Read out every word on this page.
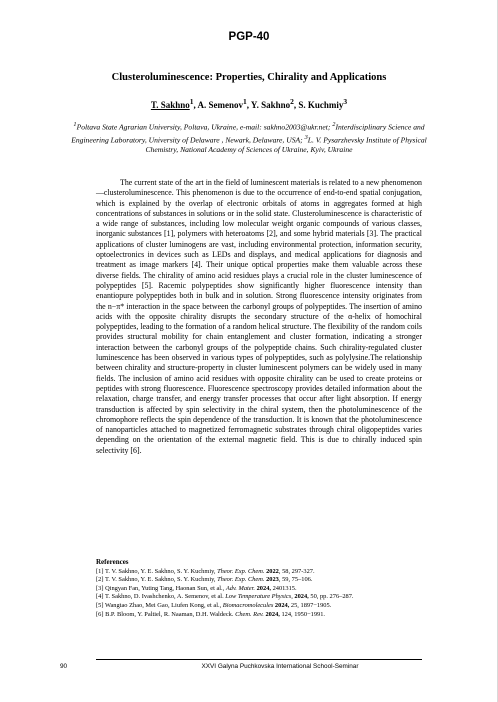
PGP-40
Clusteroluminescence: Properties, Chirality and Applications
T. Sakhno$^1$, A. Semenov$^1$, Y. Sakhno$^2$, S. Kuchmiy$^3$
$^1$Poltava State Agrarian University, Poltava, Ukraine, e-mail: sakhno2003@ukr.net; $^2$Interdisciplinary Science and Engineering Laboratory, University of Delaware , Newark, Delaware, USA; $^3$L. V. Pysarzhevsky Institute of Physical Chemistry, National Academy of Sciences of Ukraine, Kyiv, Ukraine

The current state of the art in the field of luminescent materials is related to a new phenomenon—clusteroluminescence. This phenomenon is due to the occurrence of end-to-end spatial conjugation, which is explained by the overlap of electronic orbitals of atoms in aggregates formed at high concentrations of substances in solutions or in the solid state. Clusteroluminescence is characteristic of a wide range of substances, including low molecular weight organic compounds of various classes, inorganic substances [1], polymers with heteroatoms [2], and some hybrid materials [3]. The practical applications of cluster luminogens are vast, including environmental protection, information security, optoelectronics in devices such as LEDs and displays, and medical applications for diagnosis and treatment as image markers [4]. Their unique optical properties make them valuable across these diverse fields. The chirality of amino acid residues plays a crucial role in the cluster luminescence of polypeptides [5]. Racemic polypeptides show significantly higher fluorescence intensity than enantiopure polypeptides both in bulk and in solution. Strong fluorescence intensity originates from the n−π* interaction in the space between the carbonyl groups of polypeptides. The insertion of amino acids with the opposite chirality disrupts the secondary structure of the α-helix of homochiral polypeptides, leading to the formation of a random helical structure. The flexibility of the random coils provides structural mobility for chain entanglement and cluster formation, indicating a stronger interaction between the carbonyl groups of the polypeptide chains. Such chirality-regulated cluster luminescence has been observed in various types of polypeptides, such as polylysine.The relationship between chirality and structure-property in cluster luminescent polymers can be widely used in many fields. The inclusion of amino acid residues with opposite chirality can be used to create proteins or peptides with strong fluorescence. Fluorescence spectroscopy provides detailed information about the relaxation, charge transfer, and energy transfer processes that occur after light absorption. If energy transduction is affected by spin selectivity in the chiral system, then the photoluminescence of the chromophore reflects the spin dependence of the transduction. It is known that the photoluminescence of nanoparticles attached to magnetized ferromagnetic substrates through chiral oligopeptides varies depending on the orientation of the external magnetic field. This is due to chirally induced spin selectivity [6].

References
[1] T. V. Sakhno, Y. E. Sakhno, S. Y. Kuchmiy, Theor. Exp. Chem. 2022, 58, 297-327.
[2] T. V. Sakhno, Y. E. Sakhno, S. Y. Kuchmiy, Theor. Exp. Chem. 2023, 59, 75–106.
[3] Qingyan Fan, Yuting Tang, Haonan Sun, et al., Adv. Mater. 2024, 2401315.
[4] T. Sakhno, D. Ivashchenko, A. Semenov, et al. Low Temperature Physics, 2024, 50, pp. 276–287.
[5] Wangtao Zhao, Mei Gao, Liufen Kong, et al., Biomacromolecules 2024, 25, 1897−1905.
[6] B.P. Bloom, Y. Paltiel, R. Naaman, D.H. Waldeck. Chem. Rev. 2024, 124, 1950−1991.
90	XXVI Galyna Puchkovska International School-Seminar
